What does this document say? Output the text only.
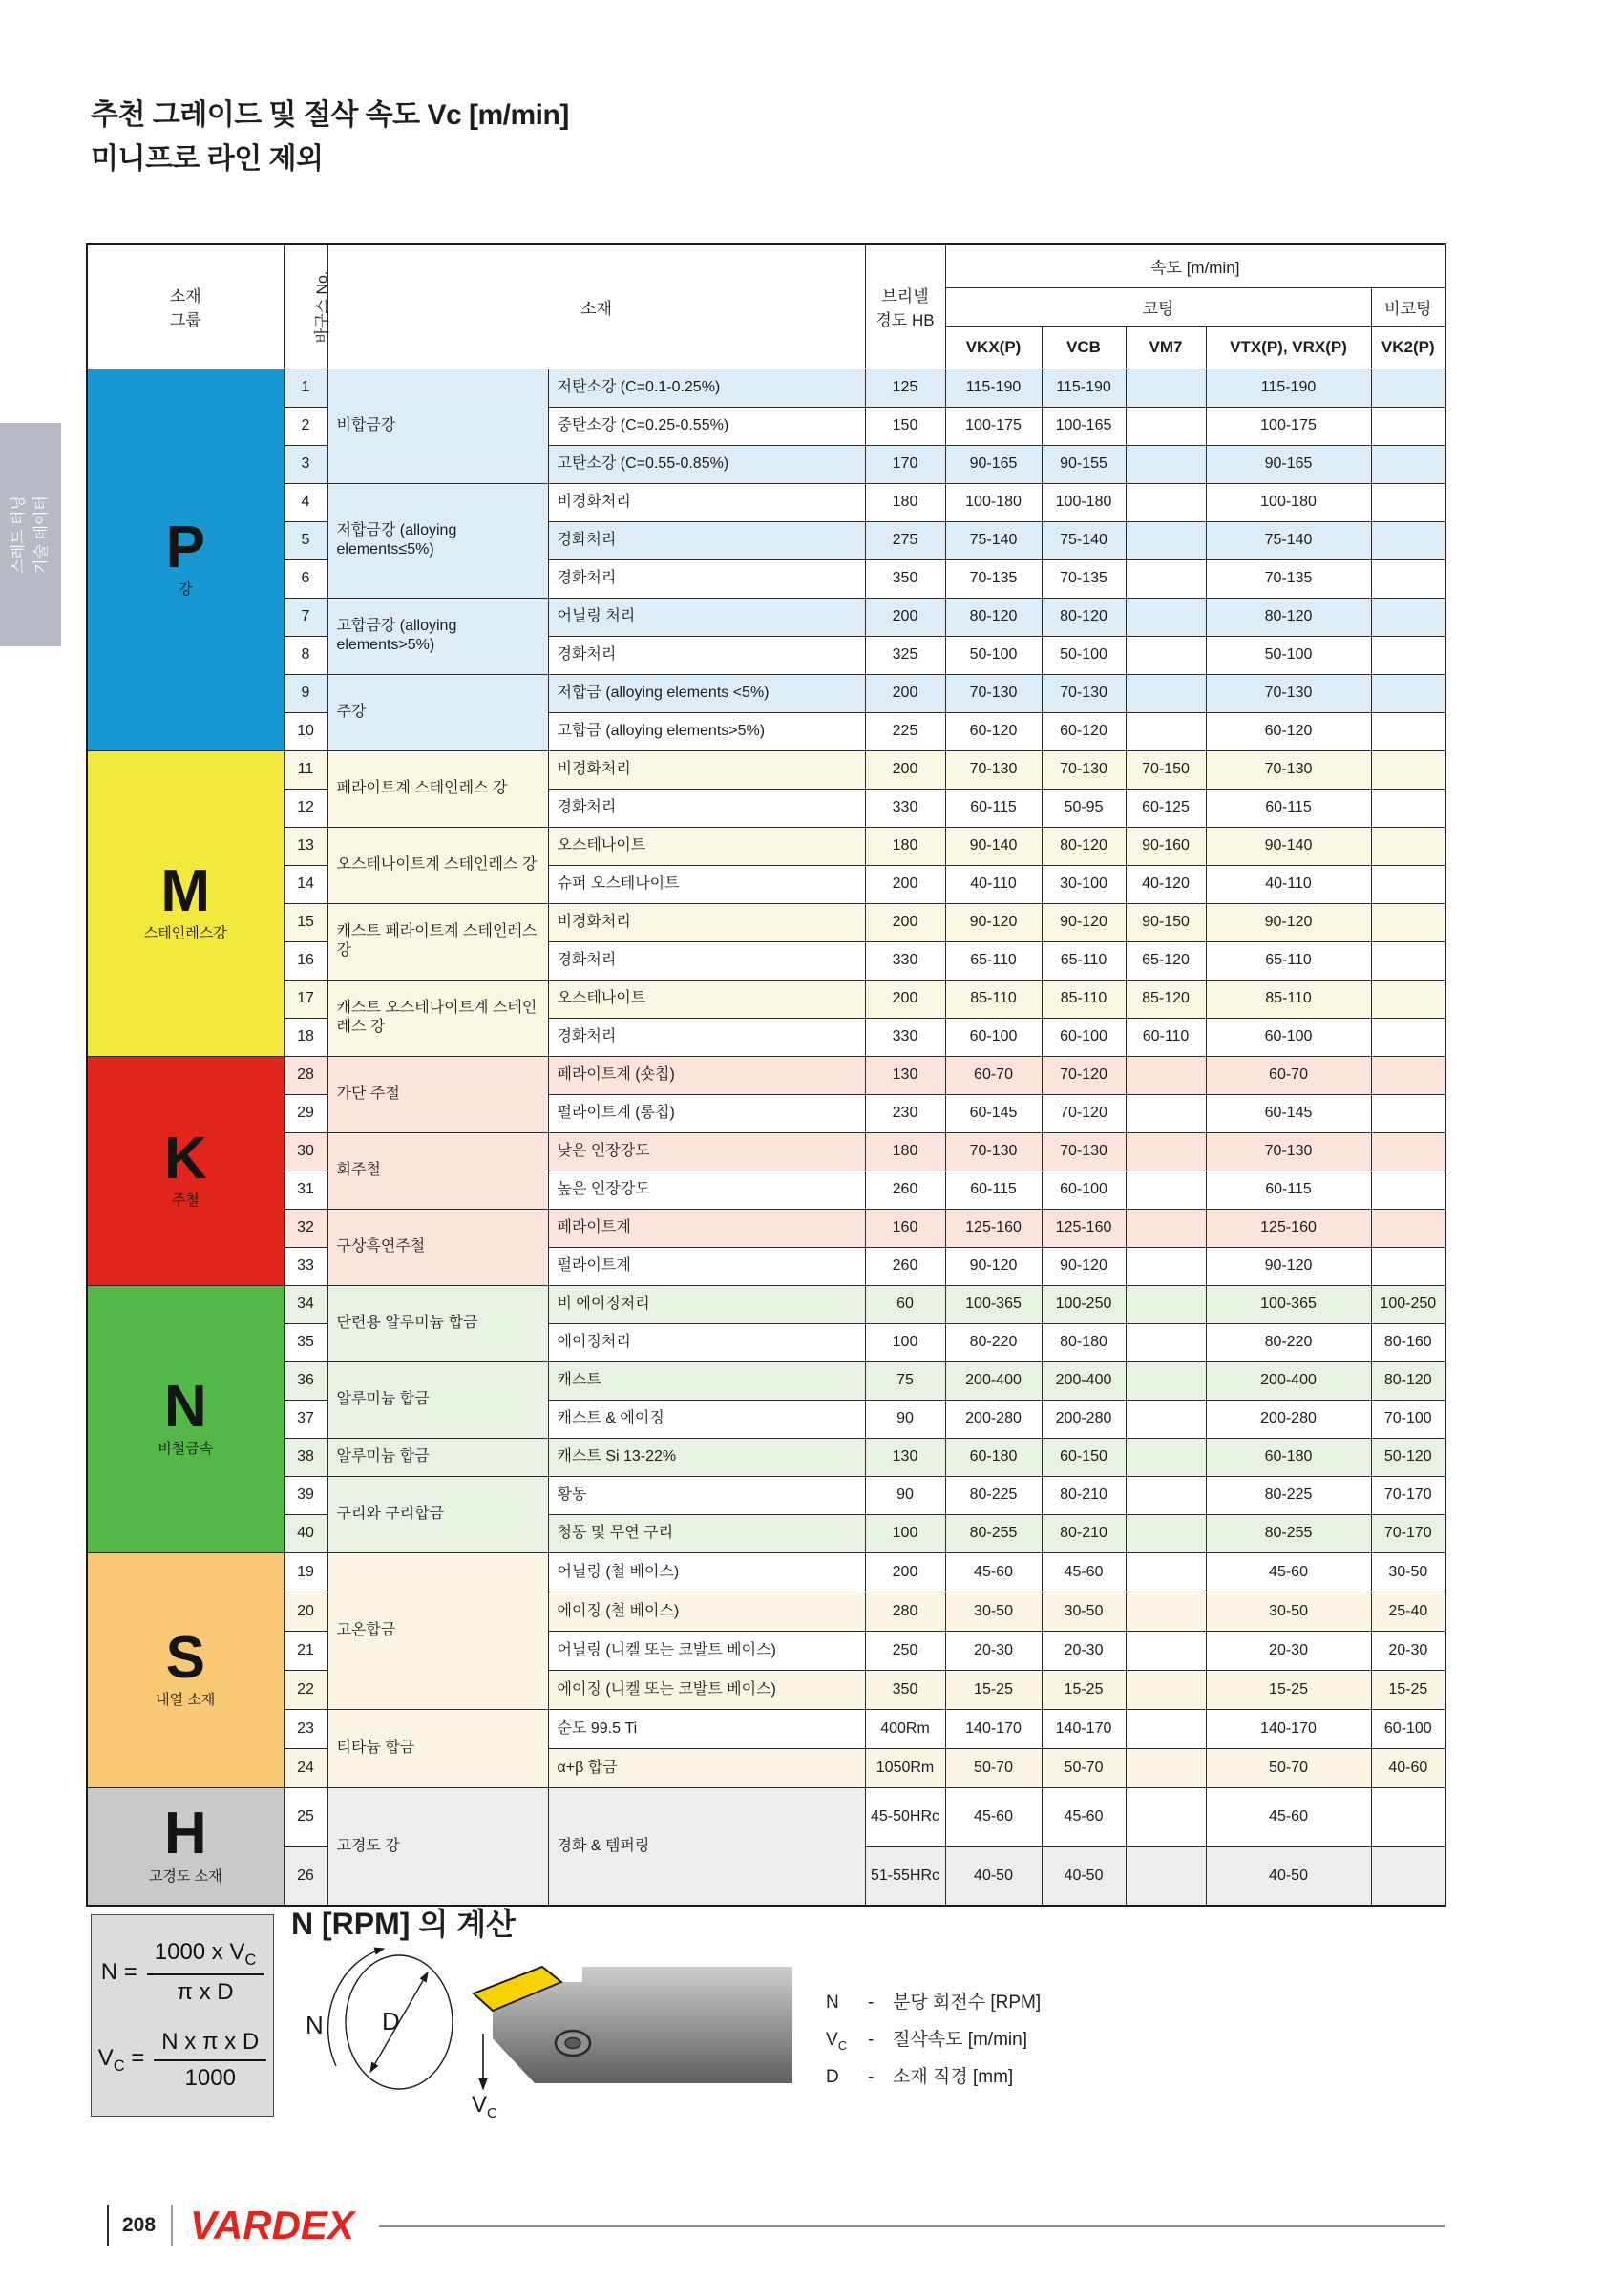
추천 그레이드 및 절삭 속도 Vc [m/min]
미니프로 라인 제외
스레드 터닝 기술 데이터
소재
그룹	바구스 No.	소재		브리넬
경도 HB	속도 [m/min]				
					코팅				비코팅
					VKX(P)	VCB	VM7	VTX(P), VRX(P)	VK2(P)

P
강	1	비합금강	저탄소강 (C=0.1-0.25%)	125	115-190	115-190		115-190	
	2		중탄소강 (C=0.25-0.55%)	150	100-175	100-165		100-175	
	3		고탄소강 (C=0.55-0.85%)	170	90-165	90-155		90-165	
	4	저합금강 (alloying elements≤5%)	비경화처리	180	100-180	100-180		100-180	
	5		경화처리	275	75-140	75-140		75-140	
	6		경화처리	350	70-135	70-135		70-135	
	7	고합금강 (alloying elements>5%)	어닐링 처리	200	80-120	80-120		80-120	
	8		경화처리	325	50-100	50-100		50-100	
	9	주강	저합금 (alloying elements <5%)	200	70-130	70-130		70-130	
	10		고합금 (alloying elements>5%)	225	60-120	60-120		60-120	

M
스테인레스강	11	페라이트계 스테인레스 강	비경화처리	200	70-130	70-130	70-150	70-130	
	12		경화처리	330	60-115	50-95	60-125	60-115	
	13	오스테나이트계 스테인레스 강	오스테나이트	180	90-140	80-120	90-160	90-140	
	14		슈퍼 오스테나이트	200	40-110	30-100	40-120	40-110	
	15	캐스트 페라이트계 스테인레스 강	비경화처리	200	90-120	90-120	90-150	90-120	
	16		경화처리	330	65-110	65-110	65-120	65-110	
	17	캐스트 오스테나이트계 스테인레스 강	오스테나이트	200	85-110	85-110	85-120	85-110	
	18		경화처리	330	60-100	60-100	60-110	60-100	

K
주철	28	가단 주철	페라이트계 (숏칩)	130	60-70	70-120		60-70	
	29		펄라이트계 (롱칩)	230	60-145	70-120		60-145	
	30	회주철	낮은 인장강도	180	70-130	70-130		70-130	
	31		높은 인장강도	260	60-115	60-100		60-115	
	32	구상흑연주철	페라이트계	160	125-160	125-160		125-160	
	33		펄라이트계	260	90-120	90-120		90-120	

N
비철금속	34	단련용 알루미늄 합금	비 에이징처리	60	100-365	100-250		100-365	100-250
	35		에이징처리	100	80-220	80-180		80-220	80-160
	36	알루미늄 합금	캐스트	75	200-400	200-400		200-400	80-120
	37		캐스트 & 에이징	90	200-280	200-280		200-280	70-100
	38	알루미늄 합금	캐스트 Si 13-22%	130	60-180	60-150		60-180	50-120
	39	구리와 구리합금	황동	90	80-225	80-210		80-225	70-170
	40		청동 및 무연 구리	100	80-255	80-210		80-255	70-170

S
내열 소재	19	고온합금	어닐링 (철 베이스)	200	45-60	45-60		45-60	30-50
	20		에이징 (철 베이스)	280	30-50	30-50		30-50	25-40
	21		어닐링 (니켈 또는 코발트 베이스)	250	20-30	20-30		20-30	20-30
	22		에이징 (니켈 또는 코발트 베이스)	350	15-25	15-25		15-25	15-25
	23	티타늄 합금	순도 99.5 Ti	400Rm	140-170	140-170		140-170	60-100
	24		α+β 합금	1050Rm	50-70	50-70		50-70	40-60

H
고경도 소재	25	고경도 강	경화 & 템퍼링	45-50HRc	45-60	45-60		45-60	
	26			51-55HRc	40-50	40-50		40-50	
$N = \frac{1000 x V_C}{\text{π x D}}$
$V_C = \frac{\text{N x π x D}}{1000}$
N [RPM] 의 계산
D
N
$V_C$
N	-	분당 회전수 [RPM]
$V_C$	-	절삭속도 [m/min]
D	-	소재 직경 [mm]
208 VARDEX
